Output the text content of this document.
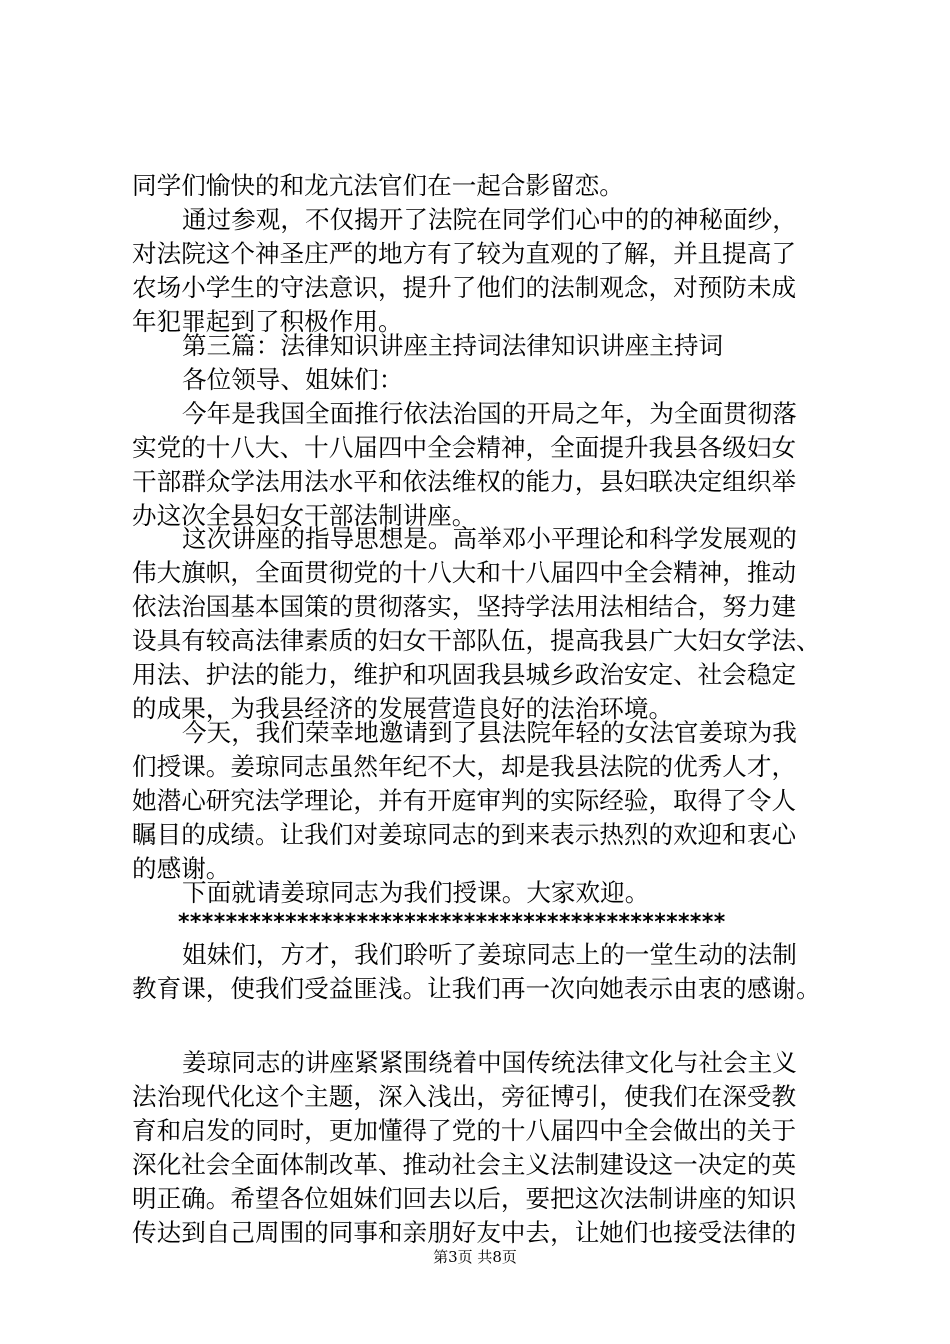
同学们愉快的和龙亢法官们在一起合影留恋。
通过参观，不仅揭开了法院在同学们心中的的神秘面纱，
对法院这个神圣庄严的地方有了较为直观的了解，并且提高了
农场小学生的守法意识，提升了他们的法制观念，对预防未成
年犯罪起到了积极作用。
第三篇：法律知识讲座主持词法律知识讲座主持词
各位领导、姐妹们：
今年是我国全面推行依法治国的开局之年，为全面贯彻落
实党的十八大、十八届四中全会精神，全面提升我县各级妇女
干部群众学法用法水平和依法维权的能力，县妇联决定组织举
办这次全县妇女干部法制讲座。
这次讲座的指导思想是。高举邓小平理论和科学发展观的
伟大旗帜，全面贯彻党的十八大和十八届四中全会精神，推动
依法治国基本国策的贯彻落实，坚持学法用法相结合，努力建
设具有较高法律素质的妇女干部队伍，提高我县广大妇女学法、
用法、护法的能力，维护和巩固我县城乡政治安定、社会稳定
的成果，为我县经济的发展营造良好的法治环境。
今天，我们荣幸地邀请到了县法院年轻的女法官姜琼为我
们授课。姜琼同志虽然年纪不大，却是我县法院的优秀人才，
她潜心研究法学理论，并有开庭审判的实际经验，取得了令人
瞩目的成绩。让我们对姜琼同志的到来表示热烈的欢迎和衷心
的感谢。
下面就请姜琼同志为我们授课。大家欢迎。
**********************************************
姐妹们，方才，我们聆听了姜琼同志上的一堂生动的法制
教育课，使我们受益匪浅。让我们再一次向她表示由衷的感谢。
姜琼同志的讲座紧紧围绕着中国传统法律文化与社会主义
法治现代化这个主题，深入浅出，旁征博引，使我们在深受教
育和启发的同时，更加懂得了党的十八届四中全会做出的关于
深化社会全面体制改革、推动社会主义法制建设这一决定的英
明正确。希望各位姐妹们回去以后，要把这次法制讲座的知识
传达到自己周围的同事和亲朋好友中去，让她们也接受法律的
第3页 共8页
